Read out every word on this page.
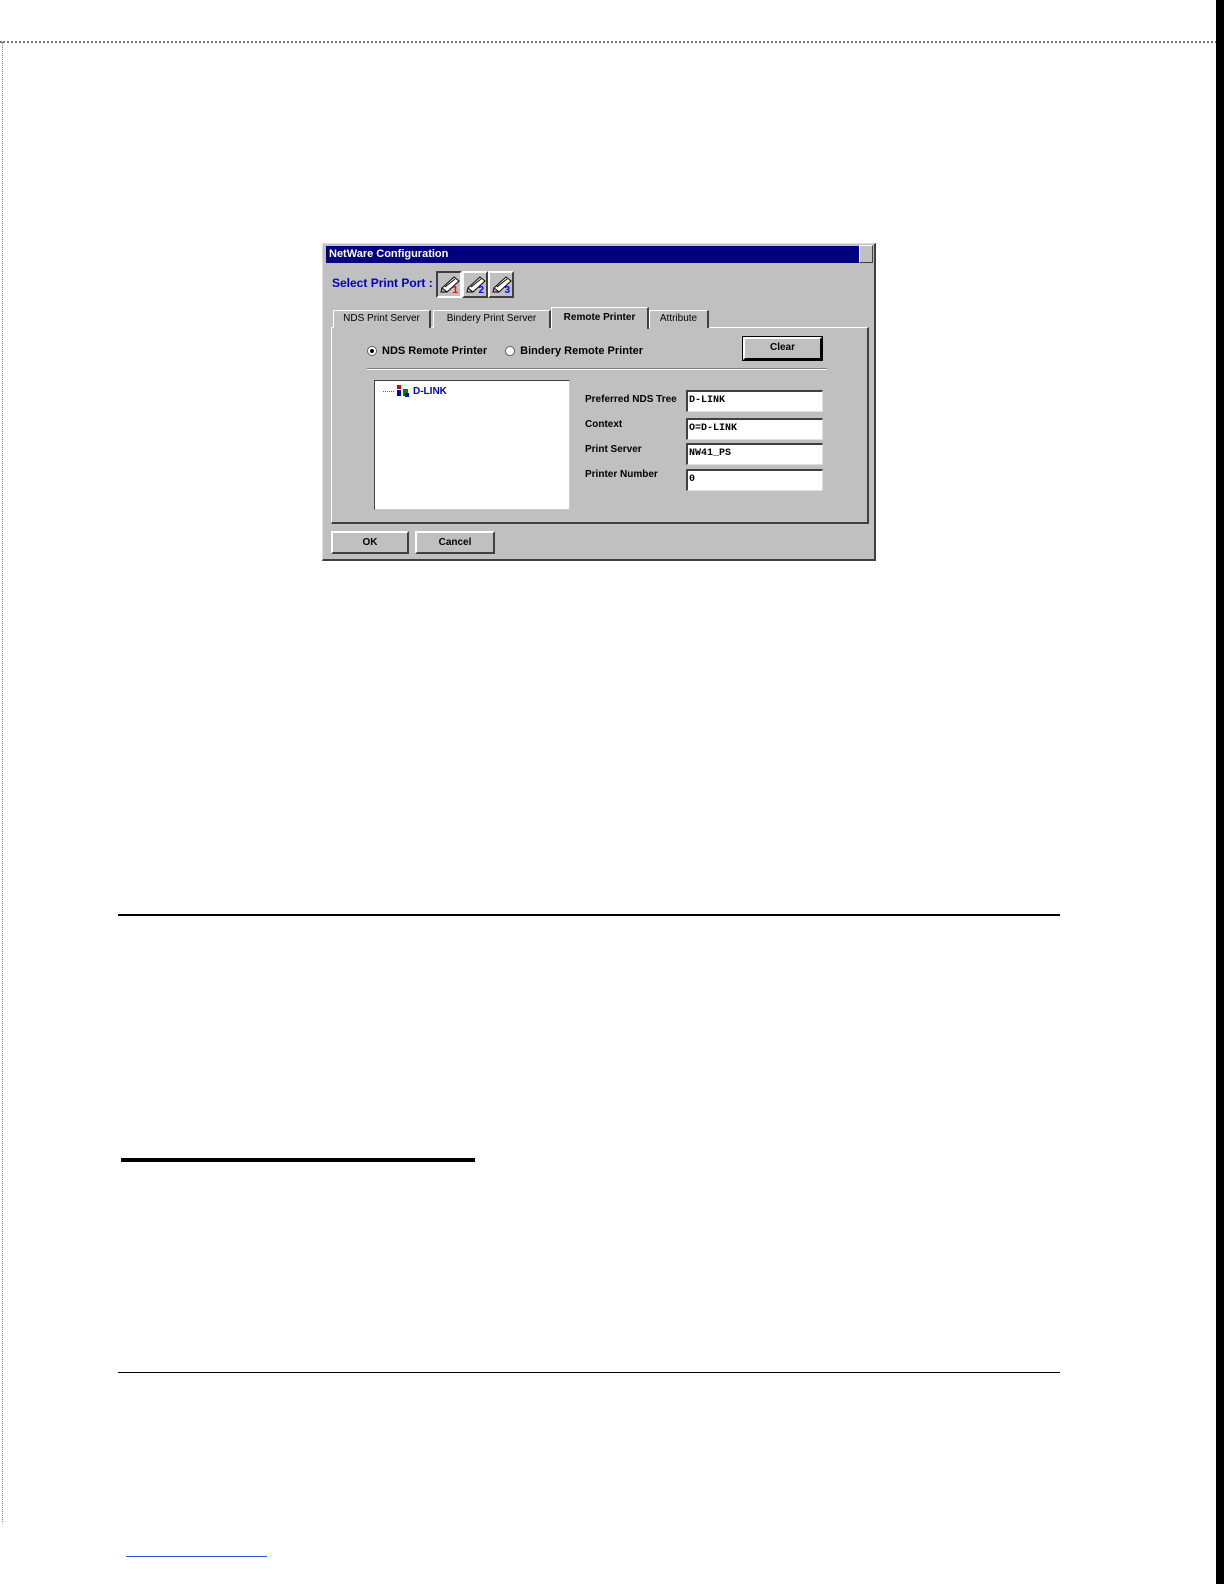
NetWare Configuration
Select Print Port :
1 2 3
NDS Print Server	Bindery Print Server	Remote Printer	Attribute
NDS Remote Printer	Bindery Remote Printer	Clear
D-LINK
Preferred NDS Tree	D-LINK
Context	O=D-LINK
Print Server	NW41_PS
Printer Number	0
OK	Cancel
